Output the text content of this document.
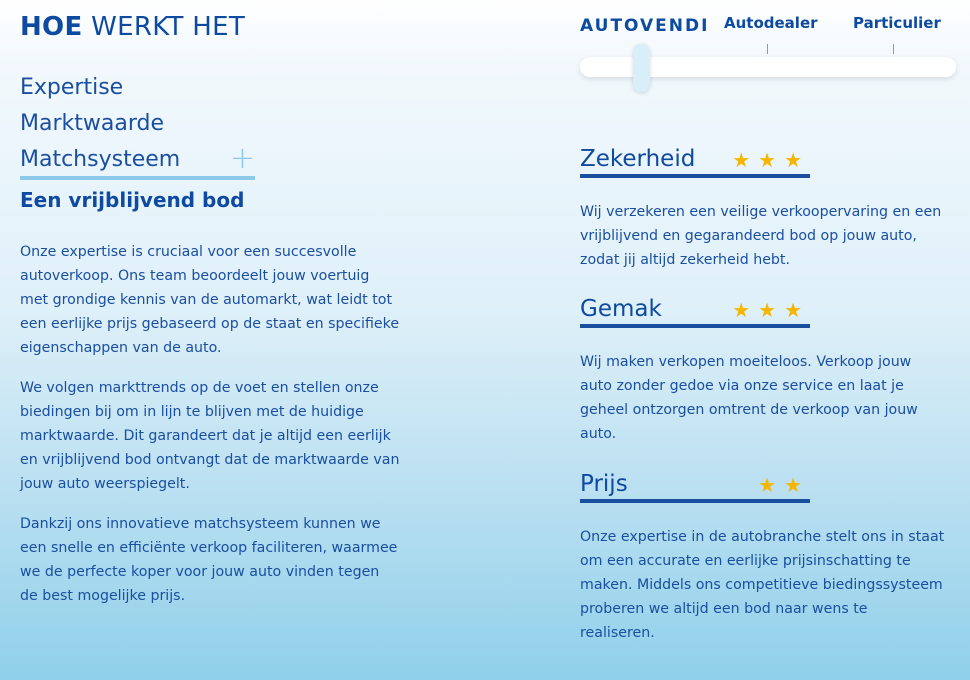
HOE WERKT HET
Expertise
Marktwaarde
Matchsysteem +
Een vrijblijvend bod

Onze expertise is cruciaal voor een succesvolle autoverkoop. Ons team beoordeelt jouw voertuig met grondige kennis van de automarkt, wat leidt tot een eerlijke prijs gebaseerd op de staat en specifieke eigenschappen van de auto.

We volgen markttrends op de voet en stellen onze biedingen bij om in lijn te blijven met de huidige marktwaarde. Dit garandeert dat je altijd een eerlijk en vrijblijvend bod ontvangt dat de marktwaarde van jouw auto weerspiegelt.

Dankzij ons innovatieve matchsysteem kunnen we een snelle en efficiënte verkoop faciliteren, waarmee we de perfecte koper voor jouw auto vinden tegen de best mogelijke prijs.

AUTOVENDI Autodealer Particulier
Zekerheid ★★★
Wij verzekeren een veilige verkoopervaring en een vrijblijvend en gegarandeerd bod op jouw auto, zodat jij altijd zekerheid hebt.
Gemak	★★★
Wij maken verkopen moeiteloos. Verkoop jouw auto zonder gedoe via onze service en laat je geheel ontzorgen omtrent de verkoop van jouw auto.
Prijs	★★
Onze expertise in de autobranche stelt ons in staat om een accurate en eerlijke prijsinschatting te maken. Middels ons competitieve biedingssysteem proberen we altijd een bod naar wens te realiseren.
